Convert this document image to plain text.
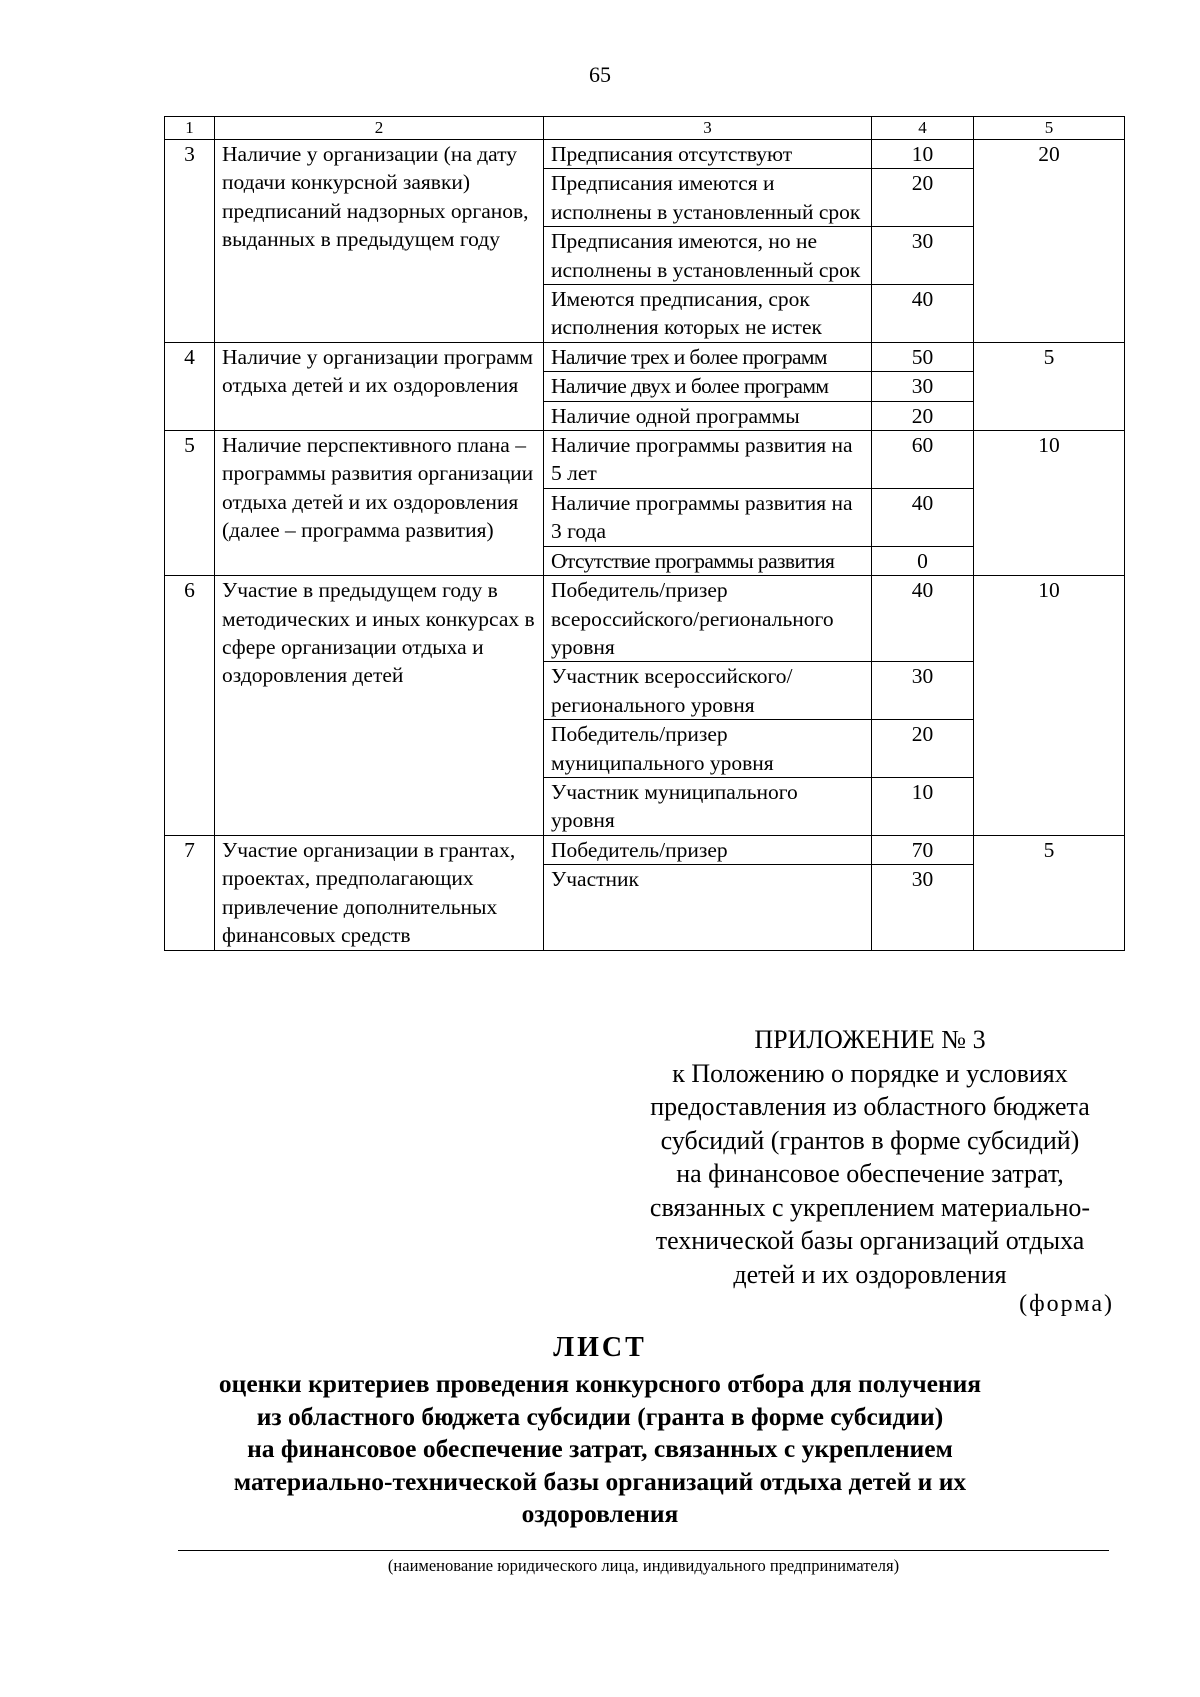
65
1	2	3	4	5
3	Наличие у организации (на дату подачи конкурсной заявки) предписаний надзорных органов, выданных в предыдущем году	Предписания отсутствуют	10	20
		Предписания имеются и исполнены в установленный срок	20	
		Предписания имеются, но не исполнены в установленный срок	30	
		Имеются предписания, срок исполнения которых не истек	40	
4	Наличие у организации программ отдыха детей и их оздоровления	Наличие трех и более программ	50	5
		Наличие двух и более программ	30	
		Наличие одной программы	20	
5	Наличие перспективного плана – программы развития организации отдыха детей и их оздоровления (далее – программа развития)	Наличие программы развития на 5 лет	60	10
		Наличие программы развития на 3 года	40	
		Отсутствие программы развития	0	
6	Участие в предыдущем году в методических и иных конкурсах в сфере организации отдыха и оздоровления детей	Победитель/призер всероссийского/регионального уровня	40	10
		Участник всероссийского/ регионального уровня	30	
		Победитель/призер муниципального уровня	20	
		Участник муниципального уровня	10	
7	Участие организации в грантах, проектах, предполагающих привлечение дополнительных финансовых средств	Победитель/призер	70	5
		Участник	30	
ПРИЛОЖЕНИЕ № 3
к Положению о порядке и условиях
предоставления из областного бюджета
субсидий (грантов в форме субсидий)
на финансовое обеспечение затрат,
связанных с укреплением материально-
технической базы организаций отдыха
детей и их оздоровления
(форма)
ЛИСТ
оценки критериев проведения конкурсного отбора для получения
из областного бюджета субсидии (гранта в форме субсидии)
на финансовое обеспечение затрат, связанных с укреплением
материально-технической базы организаций отдыха детей и их
оздоровления
(наименование юридического лица, индивидуального предпринимателя)
